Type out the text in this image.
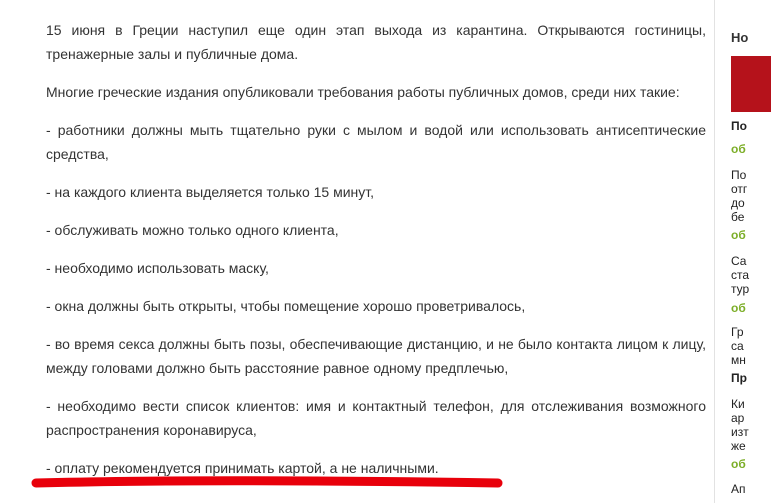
15 июня в Греции наступил еще один этап выхода из карантина. Открываются гостиницы, тренажерные залы и публичные дома.

Многие греческие издания опубликовали требования работы публичных домов, среди них такие:

- работники должны мыть тщательно руки с мылом и водой или использовать антисептические средства,

- на каждого клиента выделяется только 15 минут,

- обслуживать можно только одного клиента,

- необходимо использовать маску,

- окна должны быть открыты, чтобы помещение хорошо проветривалось,

- во время секса должны быть позы, обеспечивающие дистанцию, и не было контакта лицом к лицу, между головами должно быть расстояние равное одному предплечью,

- необходимо вести список клиентов: имя и контактный телефон, для отслеживания возможного распространения коронавируса,

- оплату рекомендуется принимать картой, а не наличными.

Но
По
об
По
отг
до
бе
об
Са
ста
тур
об
Гр
са
мн
Пр
Ки
ар
изт
же
об
Ап
